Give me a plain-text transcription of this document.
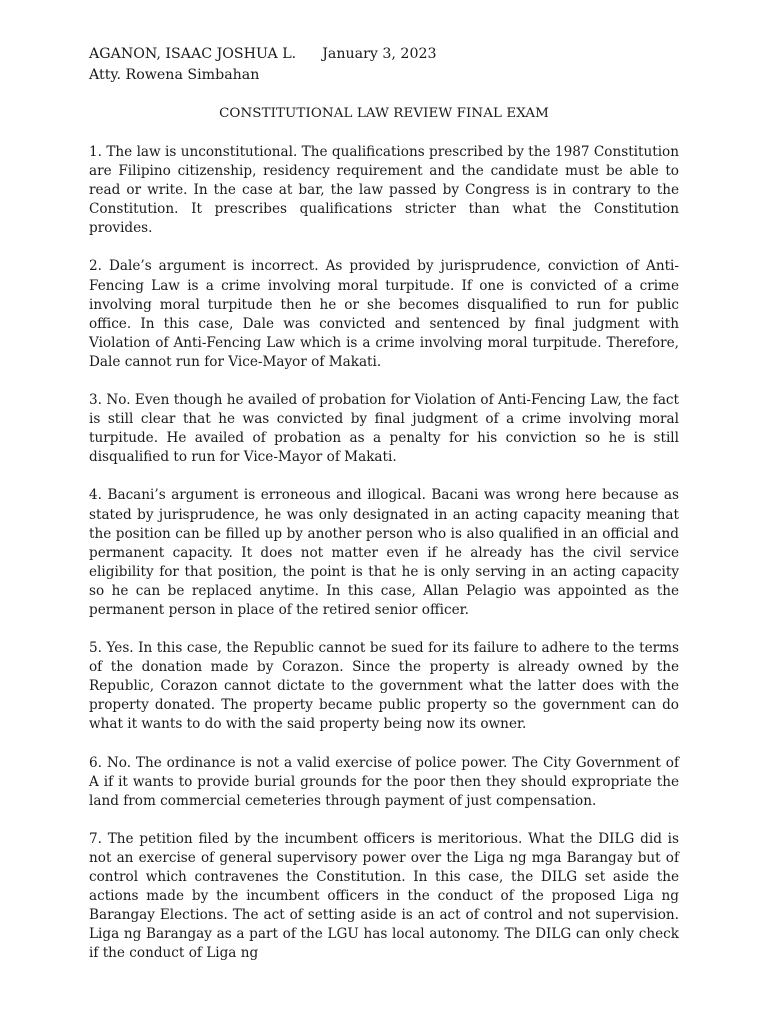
AGANON, ISAAC JOSHUA L. January 3, 2023
Atty. Rowena Simbahan
CONSTITUTIONAL LAW REVIEW FINAL EXAM

1. The law is unconstitutional. The qualifications prescribed by the 1987 Constitution are Filipino citizenship, residency requirement and the candidate must be able to read or write. In the case at bar, the law passed by Congress is in contrary to the Constitution. It prescribes qualifications stricter than what the Constitution provides.

2. Dale’s argument is incorrect. As provided by jurisprudence, conviction of Anti-Fencing Law is a crime involving moral turpitude. If one is convicted of a crime involving moral turpitude then he or she becomes disqualified to run for public office. In this case, Dale was convicted and sentenced by final judgment with Violation of Anti-Fencing Law which is a crime involving moral turpitude. Therefore, Dale cannot run for Vice-Mayor of Makati.

3. No. Even though he availed of probation for Violation of Anti-Fencing Law, the fact is still clear that he was convicted by final judgment of a crime involving moral turpitude. He availed of probation as a penalty for his conviction so he is still disqualified to run for Vice-Mayor of Makati.

4. Bacani’s argument is erroneous and illogical. Bacani was wrong here because as stated by jurisprudence, he was only designated in an acting capacity meaning that the position can be filled up by another person who is also qualified in an official and permanent capacity. It does not matter even if he already has the civil service eligibility for that position, the point is that he is only serving in an acting capacity so he can be replaced anytime. In this case, Allan Pelagio was appointed as the permanent person in place of the retired senior officer.

5. Yes. In this case, the Republic cannot be sued for its failure to adhere to the terms of the donation made by Corazon. Since the property is already owned by the Republic, Corazon cannot dictate to the government what the latter does with the property donated. The property became public property so the government can do what it wants to do with the said property being now its owner.

6. No. The ordinance is not a valid exercise of police power. The City Government of A if it wants to provide burial grounds for the poor then they should expropriate the land from commercial cemeteries through payment of just compensation.

7. The petition filed by the incumbent officers is meritorious. What the DILG did is not an exercise of general supervisory power over the Liga ng mga Barangay but of control which contravenes the Constitution. In this case, the DILG set aside the actions made by the incumbent officers in the conduct of the proposed Liga ng Barangay Elections. The act of setting aside is an act of control and not supervision. Liga ng Barangay as a part of the LGU has local autonomy. The DILG can only check if the conduct of Liga ng
